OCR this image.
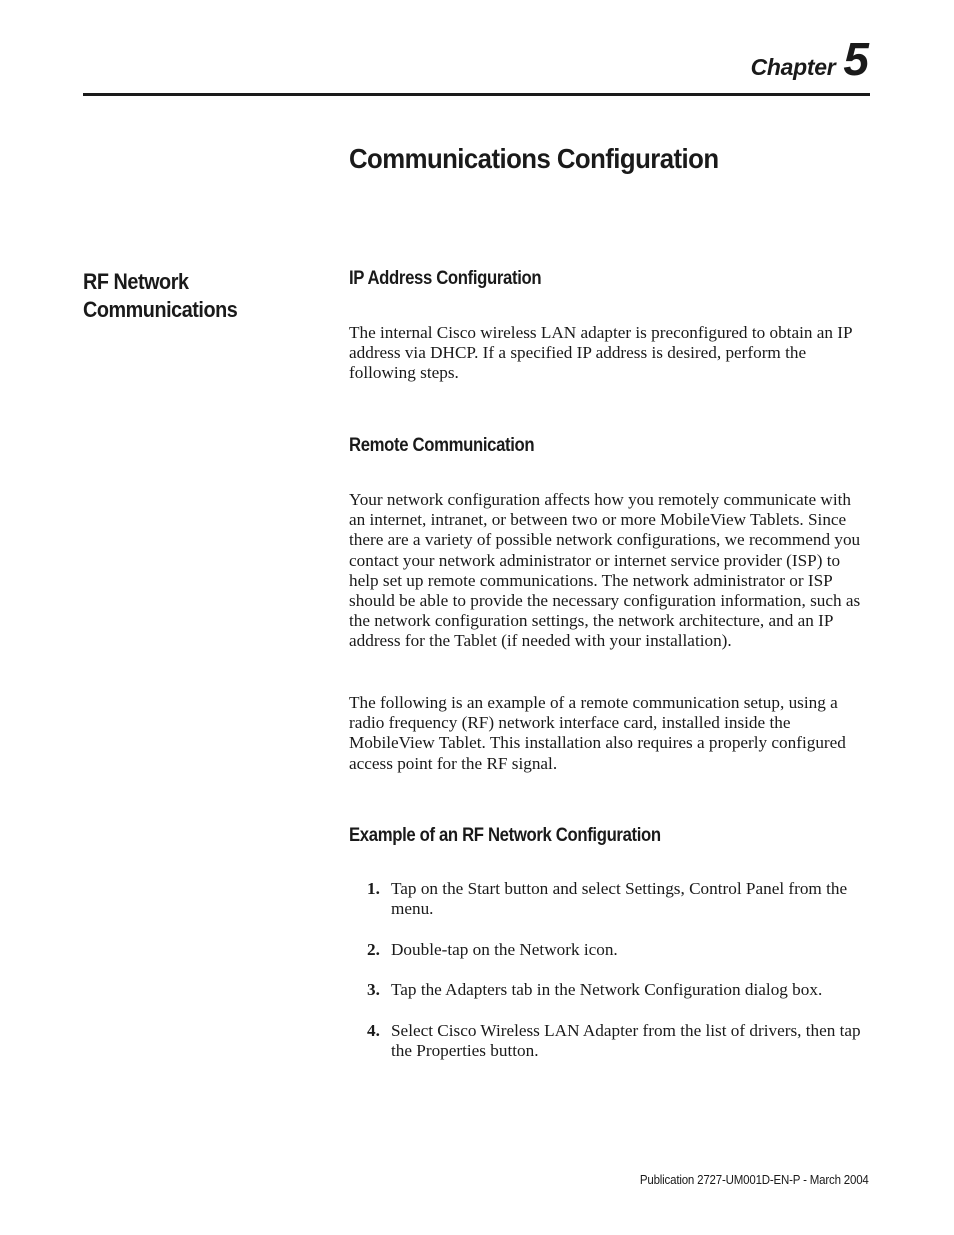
Chapter 5
Communications Configuration
RF Network Communications
IP Address Configuration

The internal Cisco wireless LAN adapter is preconfigured to obtain an IP address via DHCP. If a specified IP address is desired, perform the following steps.

Remote Communication

Your network configuration affects how you remotely communicate with an internet, intranet, or between two or more MobileView Tablets. Since there are a variety of possible network configurations, we recommend you contact your network administrator or internet service provider (ISP) to help set up remote communications. The network administrator or ISP should be able to provide the necessary configuration information, such as the network configuration settings, the network architecture, and an IP address for the Tablet (if needed with your installation).

The following is an example of a remote communication setup, using a radio frequency (RF) network interface card, installed inside the MobileView Tablet. This installation also requires a properly configured access point for the RF signal.

Example of an RF Network Configuration
1. Tap on the Start button and select Settings, Control Panel from the menu.
2. Double-tap on the Network icon.
3. Tap the Adapters tab in the Network Configuration dialog box.
4. Select Cisco Wireless LAN Adapter from the list of drivers, then tap the Properties button.
Publication 2727-UM001D-EN-P - March 2004
